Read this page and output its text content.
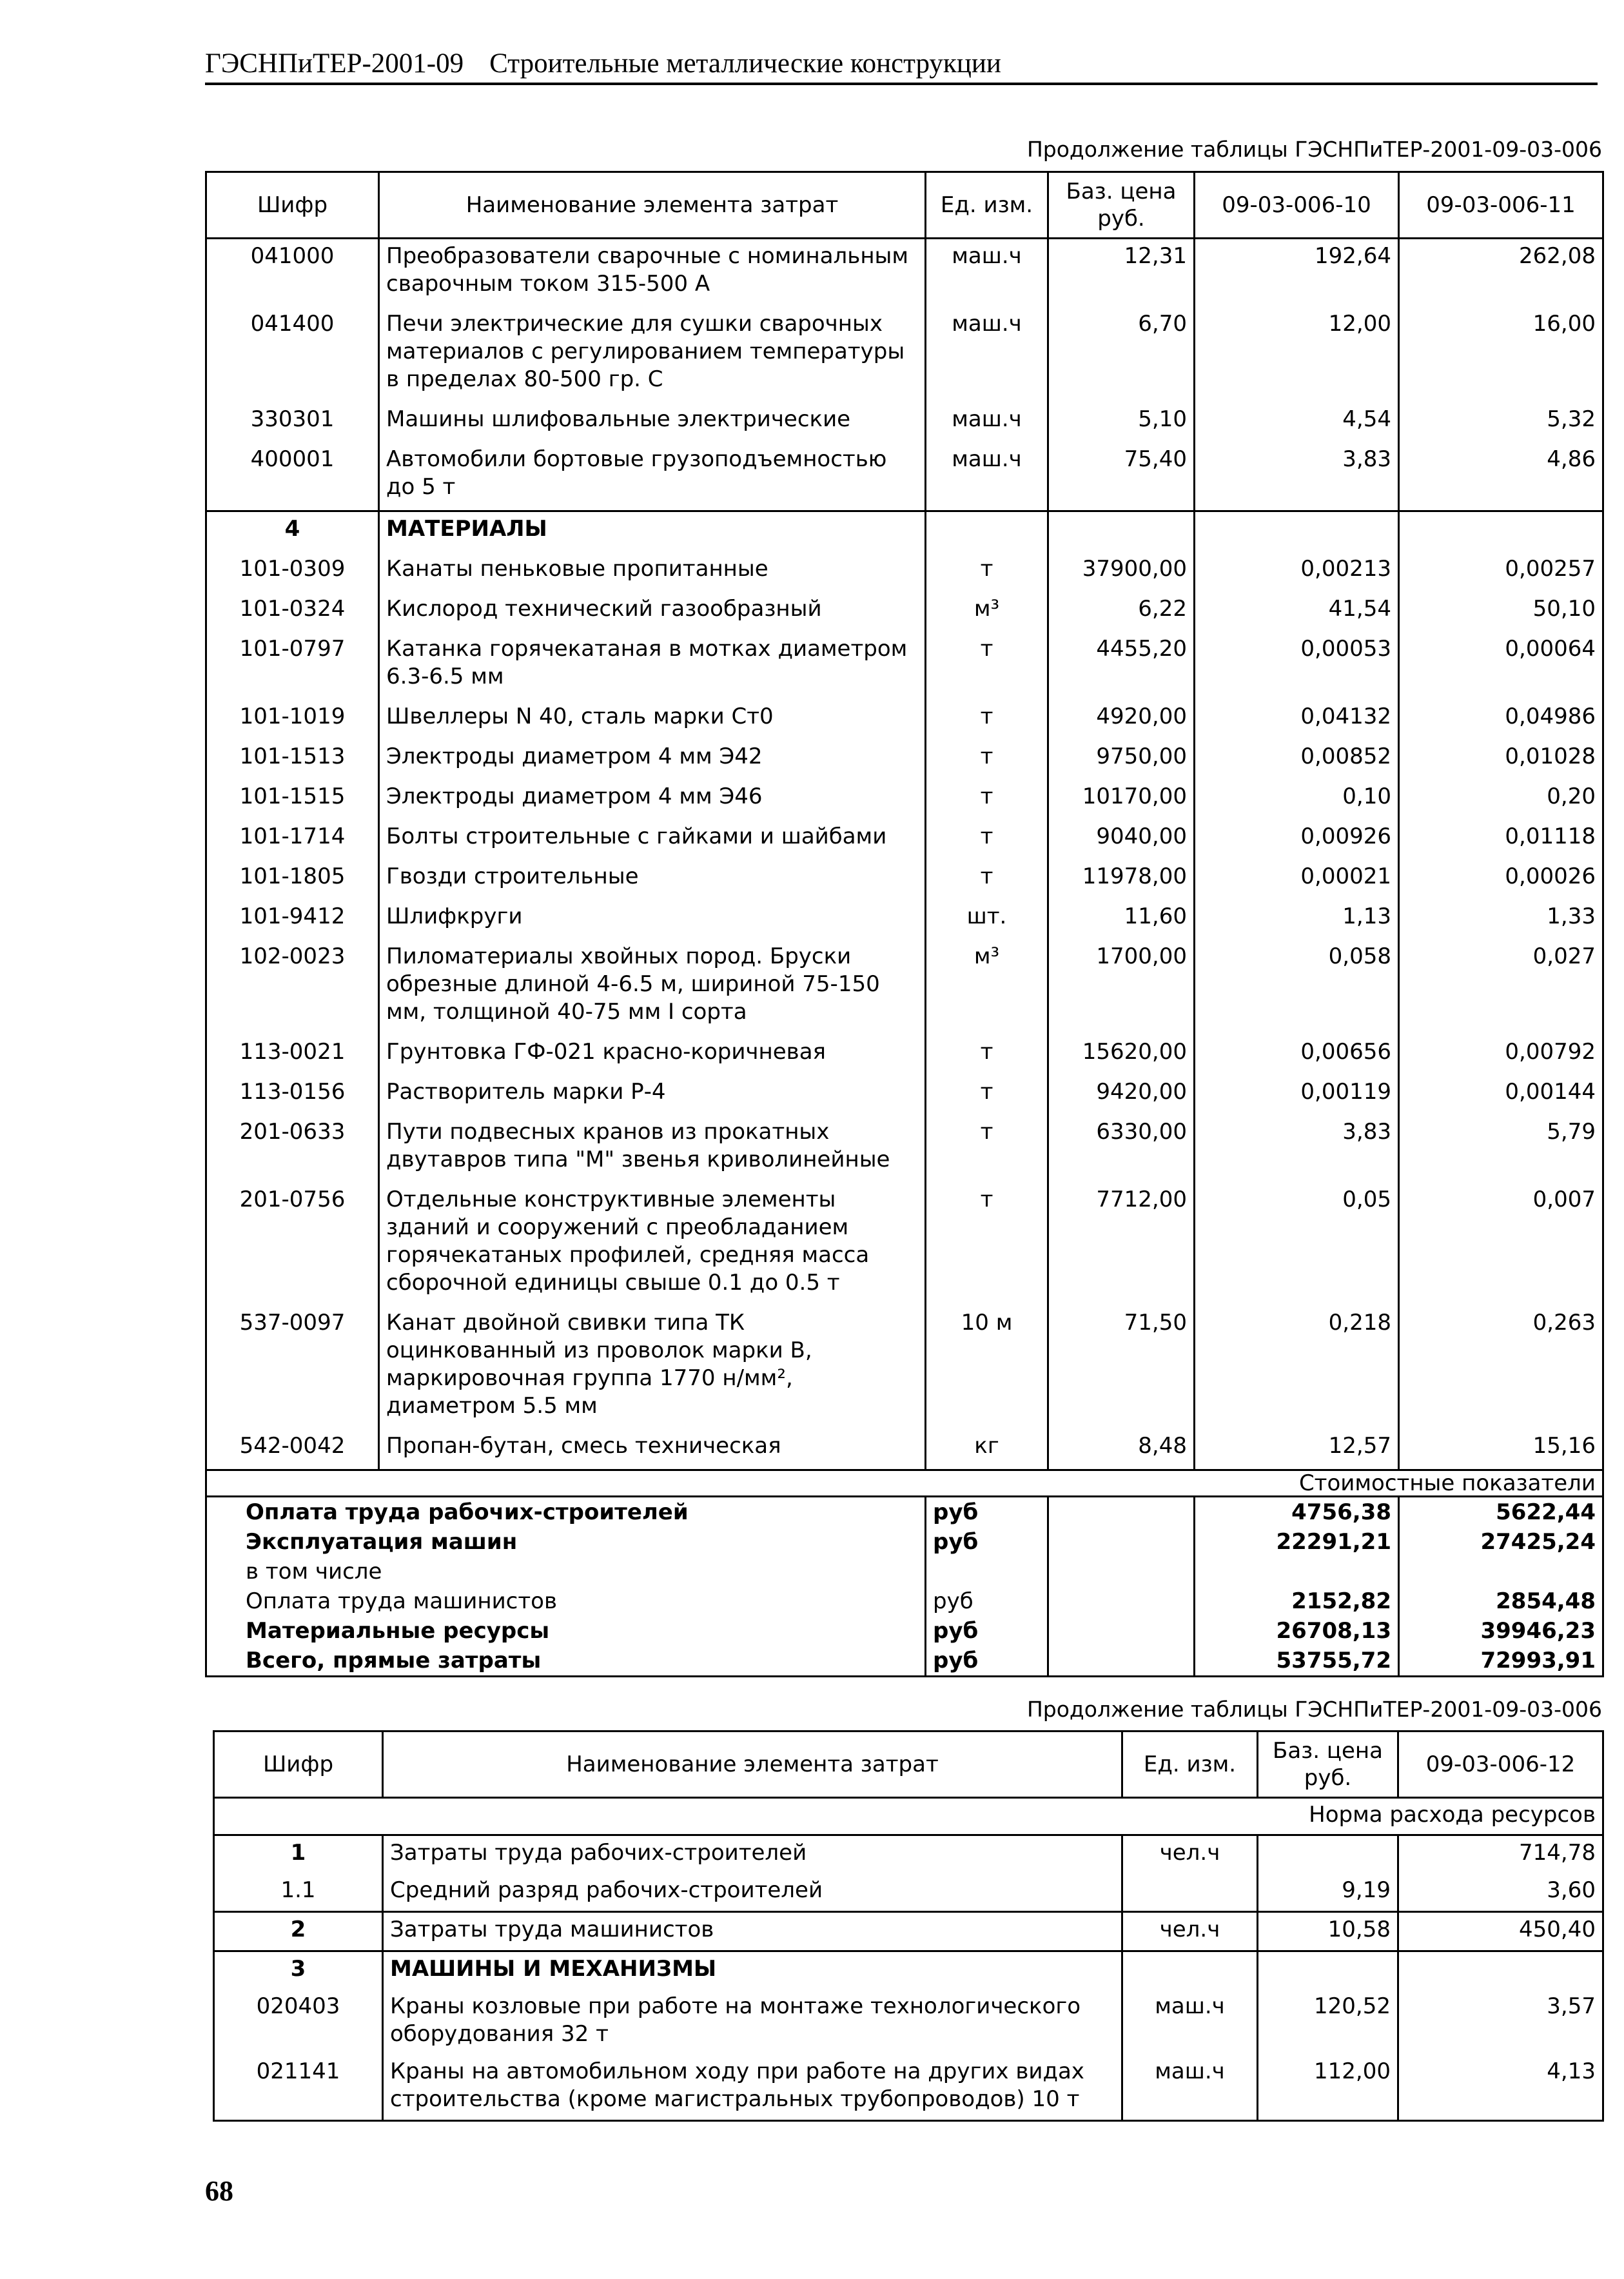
ГЭСНПиТЕР-2001-09 Строительные металлические конструкции
Продолжение таблицы ГЭСНПиТЕР-2001-09-03-006
Шифр	Наименование элемента затрат	Ед. изм.	Баз. цена руб.	09-03-006-10	09-03-006-11
041000	Преобразователи сварочные с номинальным сварочным током 315-500 А	маш.ч	12,31	192,64	262,08
041400	Печи электрические для сушки сварочных материалов с регулированием температуры в пределах 80-500 гр. С	маш.ч	6,70	12,00	16,00
330301	Машины шлифовальные электрические	маш.ч	5,10	4,54	5,32
400001	Автомобили бортовые грузоподъемностью до 5 т	маш.ч	75,40	3,83	4,86
4	МАТЕРИАЛЫ				
101-0309	Канаты пеньковые пропитанные	т	37900,00	0,00213	0,00257
101-0324	Кислород технический газообразный	м³	6,22	41,54	50,10
101-0797	Катанка горячекатаная в мотках диаметром 6.3-6.5 мм	т	4455,20	0,00053	0,00064
101-1019	Швеллеры N 40, сталь марки Ст0	т	4920,00	0,04132	0,04986
101-1513	Электроды диаметром 4 мм Э42	т	9750,00	0,00852	0,01028
101-1515	Электроды диаметром 4 мм Э46	т	10170,00	0,10	0,20
101-1714	Болты строительные с гайками и шайбами	т	9040,00	0,00926	0,01118
101-1805	Гвозди строительные	т	11978,00	0,00021	0,00026
101-9412	Шлифкруги	шт.	11,60	1,13	1,33
102-0023	Пиломатериалы хвойных пород. Бруски обрезные длиной 4-6.5 м, шириной 75-150 мм, толщиной 40-75 мм I сорта	м³	1700,00	0,058	0,027
113-0021	Грунтовка ГФ-021 красно-коричневая	т	15620,00	0,00656	0,00792
113-0156	Растворитель марки Р-4	т	9420,00	0,00119	0,00144
201-0633	Пути подвесных кранов из прокатных двутавров типа "М" звенья криволинейные	т	6330,00	3,83	5,79
201-0756	Отдельные конструктивные элементы зданий и сооружений с преобладанием горячекатаных профилей, средняя масса сборочной единицы свыше 0.1 до 0.5 т	т	7712,00	0,05	0,007
537-0097	Канат двойной свивки типа ТК оцинкованный из проволок марки В, маркировочная группа 1770 н/мм², диаметром 5.5 мм	10 м	71,50	0,218	0,263
542-0042	Пропан-бутан, смесь техническая	кг	8,48	12,57	15,16
Стоимостные показатели					
Оплата труда рабочих-строителей		руб		4756,38	5622,44
Эксплуатация машин		руб		22291,21	27425,24
в том числе					
Оплата труда машинистов		руб		2152,82	2854,48
Материальные ресурсы		руб		26708,13	39946,23
Всего, прямые затраты		руб		53755,72	72993,91
Продолжение таблицы ГЭСНПиТЕР-2001-09-03-006
Шифр	Наименование элемента затрат	Ед. изм.	Баз. цена руб.	09-03-006-12
Норма расхода ресурсов				
1	Затраты труда рабочих-строителей	чел.ч		714,78
1.1	Средний разряд рабочих-строителей		9,19	3,60
2	Затраты труда машинистов	чел.ч	10,58	450,40
3	МАШИНЫ И МЕХАНИЗМЫ			
020403	Краны козловые при работе на монтаже технологического оборудования 32 т	маш.ч	120,52	3,57
021141	Краны на автомобильном ходу при работе на других видах строительства (кроме магистральных трубопроводов) 10 т	маш.ч	112,00	4,13
68
